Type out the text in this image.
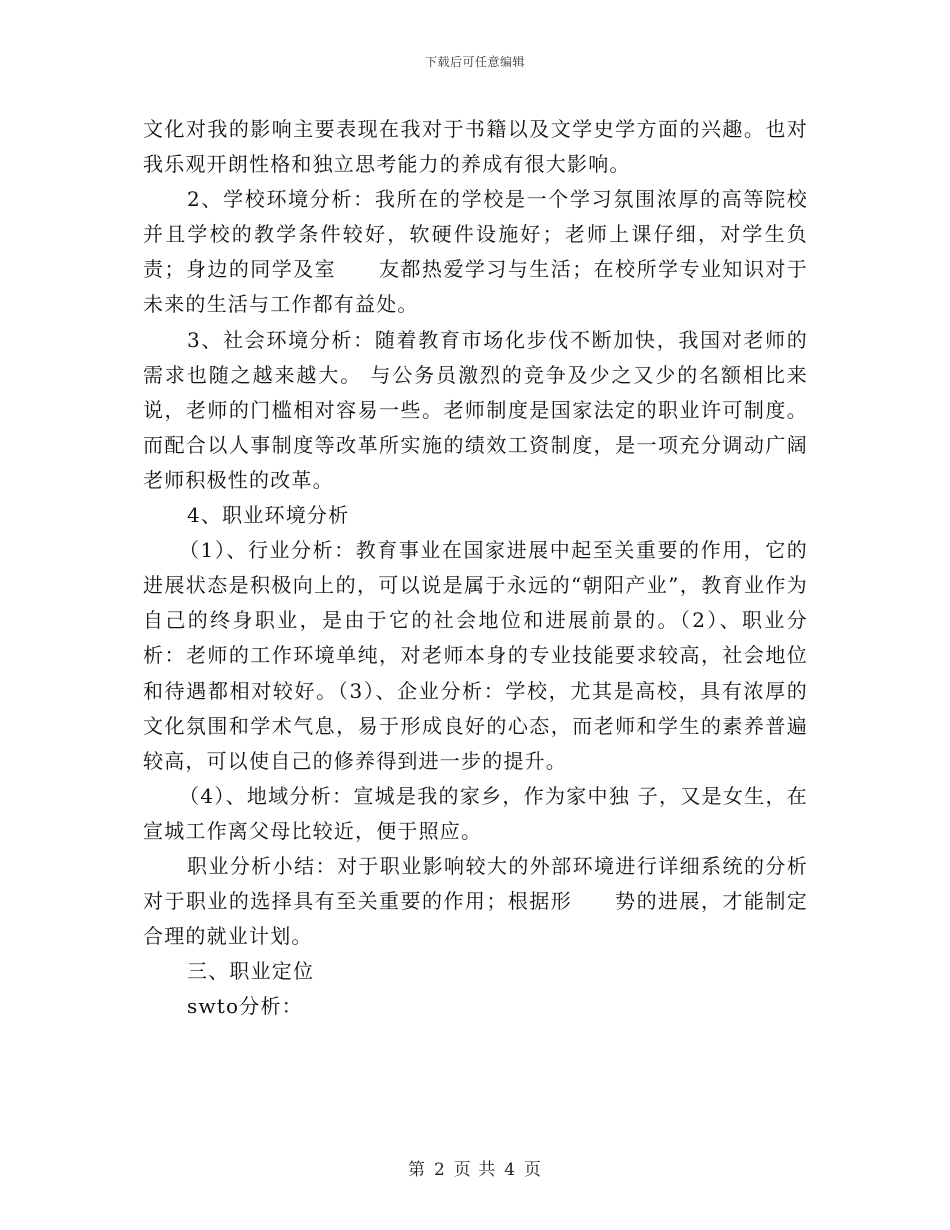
下载后可任意编辑

文化对我的影响主要表现在我对于书籍以及文学史学方面的兴趣。也对我乐观开朗性格和独立思考能力的养成有很大影响。

2、学校环境分析：我所在的学校是一个学习氛围浓厚的高等院校并且学校的教学条件较好，软硬件设施好；老师上课仔细，对学生负责；身边的同学及室　　友都热爱学习与生活；在校所学专业知识对于未来的生活与工作都有益处。

3、社会环境分析：随着教育市场化步伐不断加快，我国对老师的需求也随之越来越大。 与公务员激烈的竞争及少之又少的名额相比来说，老师的门槛相对容易一些。老师制度是国家法定的职业许可制度。而配合以人事制度等改革所实施的绩效工资制度，是一项充分调动广阔老师积极性的改革。

4、职业环境分析

（1）、行业分析：教育事业在国家进展中起至关重要的作用，它的进展状态是积极向上的，可以说是属于永远的“朝阳产业”，教育业作为自己的终身职业，是由于它的社会地位和进展前景的。（2）、职业分析：老师的工作环境单纯，对老师本身的专业技能要求较高，社会地位和待遇都相对较好。（3）、企业分析：学校，尤其是高校，具有浓厚的文化氛围和学术气息，易于形成良好的心态，而老师和学生的素养普遍较高，可以使自己的修养得到进一步的提升。

（4）、地域分析：宣城是我的家乡，作为家中独 子，又是女生，在宣城工作离父母比较近，便于照应。

职业分析小结：对于职业影响较大的外部环境进行详细系统的分析对于职业的选择具有至关重要的作用；根据形　　势的进展，才能制定合理的就业计划。

三、职业定位

swto分析：

第 2 页 共 4 页
